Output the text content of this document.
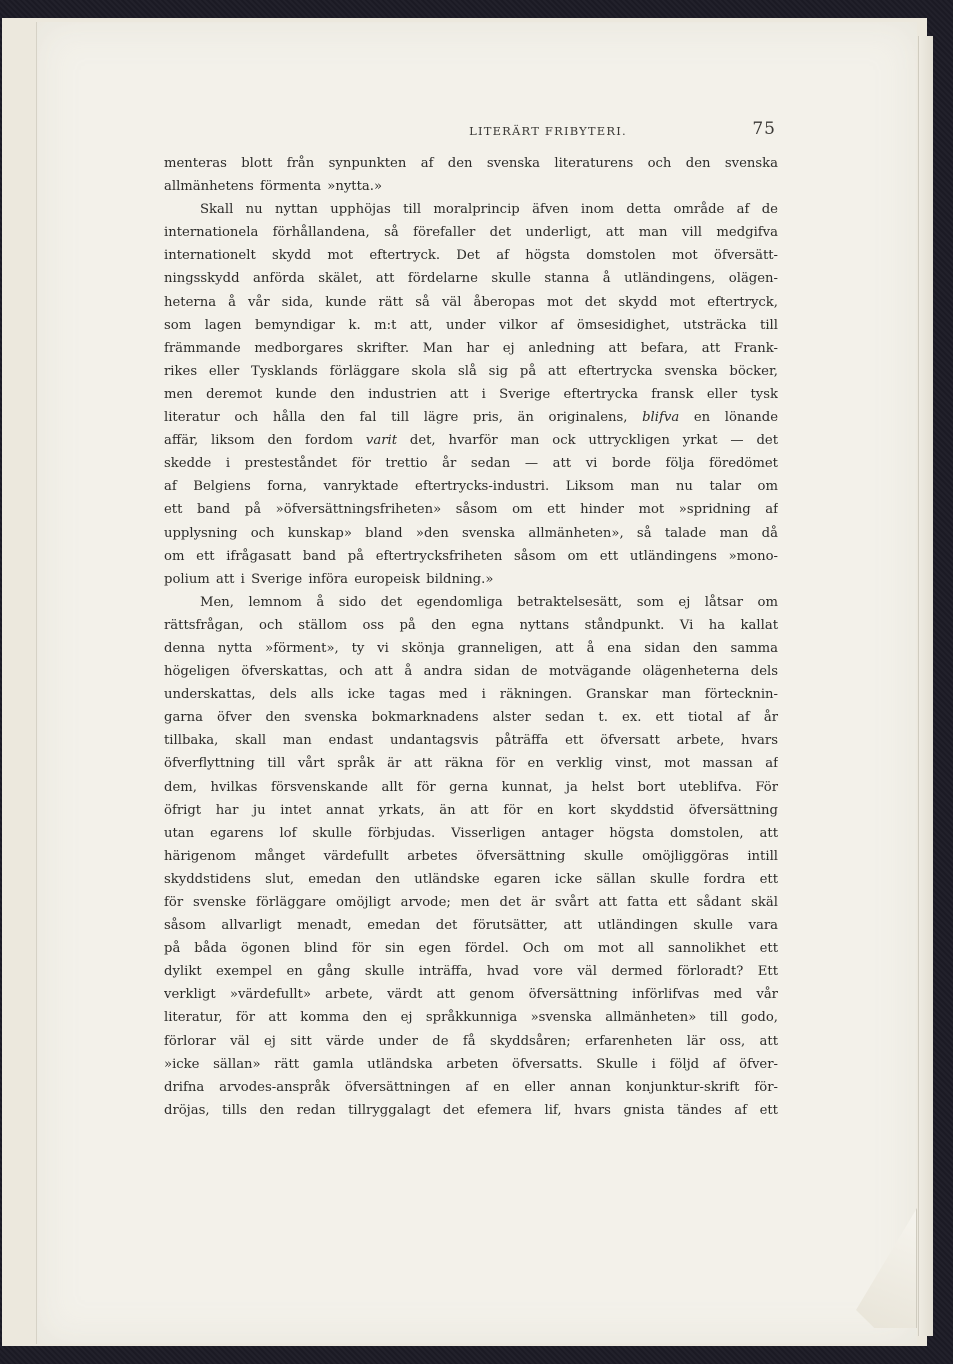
LITERÄRT FRIBYTERI.	75

menteras blott från synpunkten af den svenska literaturens och den svenska
allmänhetens förmenta »nytta.»

Skall nu nyttan upphöjas till moralprincip äfven inom detta område af de
internationela förhållandena, så förefaller det underligt, att man vill medgifva
internationelt skydd mot eftertryck. Det af högsta domstolen mot öfversätt-
ningsskydd anförda skälet, att fördelarne skulle stanna å utländingens, olägen-
heterna å vår sida, kunde rätt så väl åberopas mot det skydd mot eftertryck,
som lagen bemyndigar k. m:t att, under vilkor af ömsesidighet, utsträcka till
främmande medborgares skrifter. Man har ej anledning att befara, att Frank-
rikes eller Tysklands förläggare skola slå sig på att eftertrycka svenska böcker,
men deremot kunde den industrien att i Sverige eftertrycka fransk eller tysk
literatur och hålla den fal till lägre pris, än originalens, blifva en lönande
affär, liksom den fordom varit det, hvarför man ock uttryckligen yrkat — det
skedde i presteståndet för trettio år sedan — att vi borde följa föredömet
af Belgiens forna, vanryktade eftertrycks-industri. Liksom man nu talar om
ett band på »öfversättningsfriheten» såsom om ett hinder mot »spridning af
upplysning och kunskap» bland »den svenska allmänheten», så talade man då
om ett ifrågasatt band på eftertrycksfriheten såsom om ett utländingens »mono-
polium att i Sverige införa europeisk bildning.»

Men, lemnom å sido det egendomliga betraktelsesätt, som ej låtsar om
rättsfrågan, och ställom oss på den egna nyttans ståndpunkt. Vi ha kallat
denna nytta »förment», ty vi skönja granneligen, att å ena sidan den samma
högeligen öfverskattas, och att å andra sidan de motvägande olägenheterna dels
underskattas, dels alls icke tagas med i räkningen. Granskar man förtecknin-
garna öfver den svenska bokmarknadens alster sedan t. ex. ett tiotal af år
tillbaka, skall man endast undantagsvis påträffa ett öfversatt arbete, hvars
öfverflyttning till vårt språk är att räkna för en verklig vinst, mot massan af
dem, hvilkas försvenskande allt för gerna kunnat, ja helst bort uteblifva. För
öfrigt har ju intet annat yrkats, än att för en kort skyddstid öfversättning
utan egarens lof skulle förbjudas. Visserligen antager högsta domstolen, att
härigenom månget värdefullt arbetes öfversättning skulle omöjliggöras intill
skyddstidens slut, emedan den utländske egaren icke sällan skulle fordra ett
för svenske förläggare omöjligt arvode; men det är svårt att fatta ett sådant skäl
såsom allvarligt menadt, emedan det förutsätter, att utländingen skulle vara
på båda ögonen blind för sin egen fördel. Och om mot all sannolikhet ett
dylikt exempel en gång skulle inträffa, hvad vore väl dermed förloradt? Ett
verkligt »värdefullt» arbete, värdt att genom öfversättning införlifvas med vår
literatur, för att komma den ej språkkunniga »svenska allmänheten» till godo,
förlorar väl ej sitt värde under de få skyddsåren; erfarenheten lär oss, att
»icke sällan» rätt gamla utländska arbeten öfversatts. Skulle i följd af öfver-
drifna arvodes-anspråk öfversättningen af en eller annan konjunktur-skrift för-
dröjas, tills den redan tillryggalagt det efemera lif, hvars gnista tändes af ett
